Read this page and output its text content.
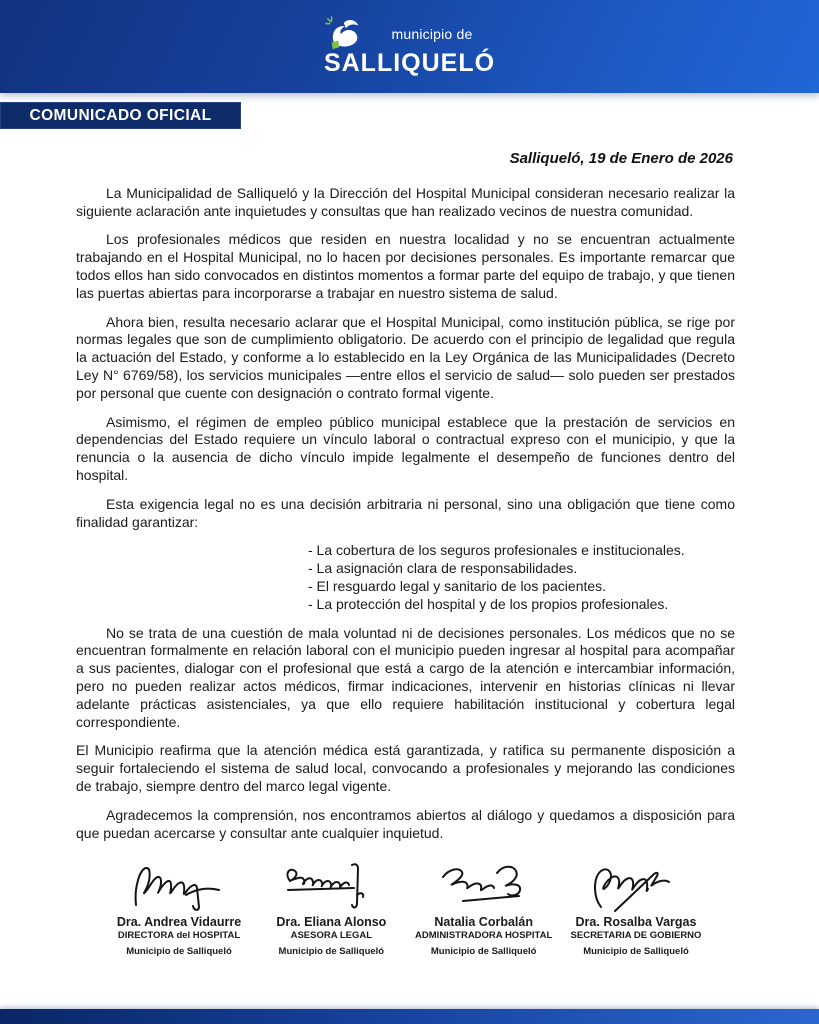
municipio de
SALLIQUELÓ
COMUNICADO OFICIAL
Salliqueló, 19 de Enero de 2026

La Municipalidad de Salliqueló y la Dirección del Hospital Municipal consideran necesario realizar la siguiente aclaración ante inquietudes y consultas que han realizado vecinos de nuestra comunidad.

Los profesionales médicos que residen en nuestra localidad y no se encuentran actualmente trabajando en el Hospital Municipal, no lo hacen por decisiones personales. Es importante remarcar que todos ellos han sido convocados en distintos momentos a formar parte del equipo de trabajo, y que tienen las puertas abiertas para incorporarse a trabajar en nuestro sistema de salud.

Ahora bien, resulta necesario aclarar que el Hospital Municipal, como institución pública, se rige por normas legales que son de cumplimiento obligatorio. De acuerdo con el principio de legalidad que regula la actuación del Estado, y conforme a lo establecido en la Ley Orgánica de las Municipalidades (Decreto Ley N° 6769/58), los servicios municipales —entre ellos el servicio de salud— solo pueden ser prestados por personal que cuente con designación o contrato formal vigente.

Asimismo, el régimen de empleo público municipal establece que la prestación de servicios en dependencias del Estado requiere un vínculo laboral o contractual expreso con el municipio, y que la renuncia o la ausencia de dicho vínculo impide legalmente el desempeño de funciones dentro del hospital.

Esta exigencia legal no es una decisión arbitraria ni personal, sino una obligación que tiene como finalidad garantizar:

- La cobertura de los seguros profesionales e institucionales.
- La asignación clara de responsabilidades.
- El resguardo legal y sanitario de los pacientes.
- La protección del hospital y de los propios profesionales.

No se trata de una cuestión de mala voluntad ni de decisiones personales. Los médicos que no se encuentran formalmente en relación laboral con el municipio pueden ingresar al hospital para acompañar a sus pacientes, dialogar con el profesional que está a cargo de la atención e intercambiar información, pero no pueden realizar actos médicos, firmar indicaciones, intervenir en historias clínicas ni llevar adelante prácticas asistenciales, ya que ello requiere habilitación institucional y cobertura legal correspondiente.

El Municipio reafirma que la atención médica está garantizada, y ratifica su permanente disposición a seguir fortaleciendo el sistema de salud local, convocando a profesionales y mejorando las condiciones de trabajo, siempre dentro del marco legal vigente.

Agradecemos la comprensión, nos encontramos abiertos al diálogo y quedamos a disposición para que puedan acercarse y consultar ante cualquier inquietud.

Dra. Andrea Vidaurre
DIRECTORA del HOSPITAL
Municipio de Salliqueló
Dra. Eliana Alonso
ASESORA LEGAL
Municipio de Salliqueló
Natalia Corbalán
ADMINISTRADORA HOSPITAL
Municipio de Salliqueló
Dra. Rosalba Vargas
SECRETARIA DE GOBIERNO
Municipio de Salliqueló
